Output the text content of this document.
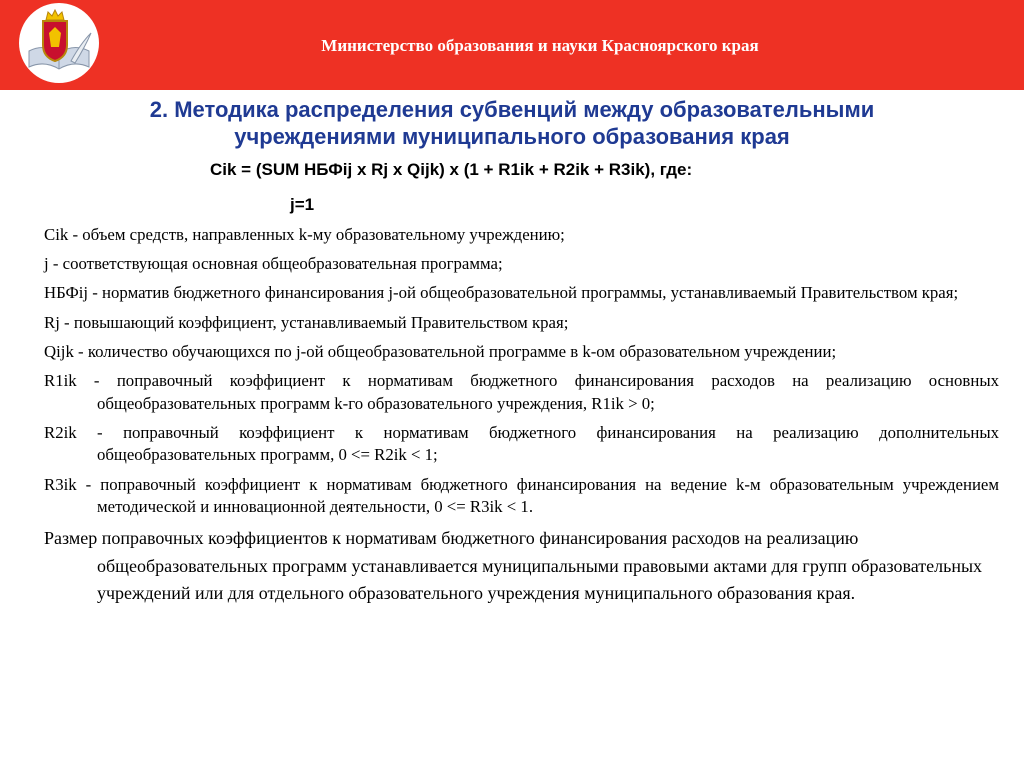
Министерство образования и науки Красноярского края
2. Методика распределения субвенций между образовательными
учреждениями муниципального образования края
Cik = (SUM НБФij x Rj x Qijk) x (1 + R1ik + R2ik + R3ik), где:
j=1

Cik - объем средств, направленных k-му образовательному учреждению;

j - соответствующая основная общеобразовательная программа;

НБФij - норматив бюджетного финансирования j-ой общеобразовательной программы, устанавливаемый Правительством края;

Rj - повышающий коэффициент, устанавливаемый Правительством края;

Qijk - количество обучающихся по j-ой общеобразовательной программе в k-ом образовательном учреждении;

R1ik - поправочный коэффициент к нормативам бюджетного финансирования расходов на реализацию основных общеобразовательных программ k-го образовательного учреждения, R1ik > 0;

R2ik - поправочный коэффициент к нормативам бюджетного финансирования на реализацию дополнительных общеобразовательных программ, 0 <= R2ik < 1;

R3ik - поправочный коэффициент к нормативам бюджетного финансирования на ведение k-м образовательным учреждением методической и инновационной деятельности, 0 <= R3ik < 1.

Размер поправочных коэффициентов к нормативам бюджетного финансирования расходов на реализацию общеобразовательных программ устанавливается муниципальными правовыми актами для групп образовательных учреждений или для отдельного образовательного учреждения муниципального образования края.
